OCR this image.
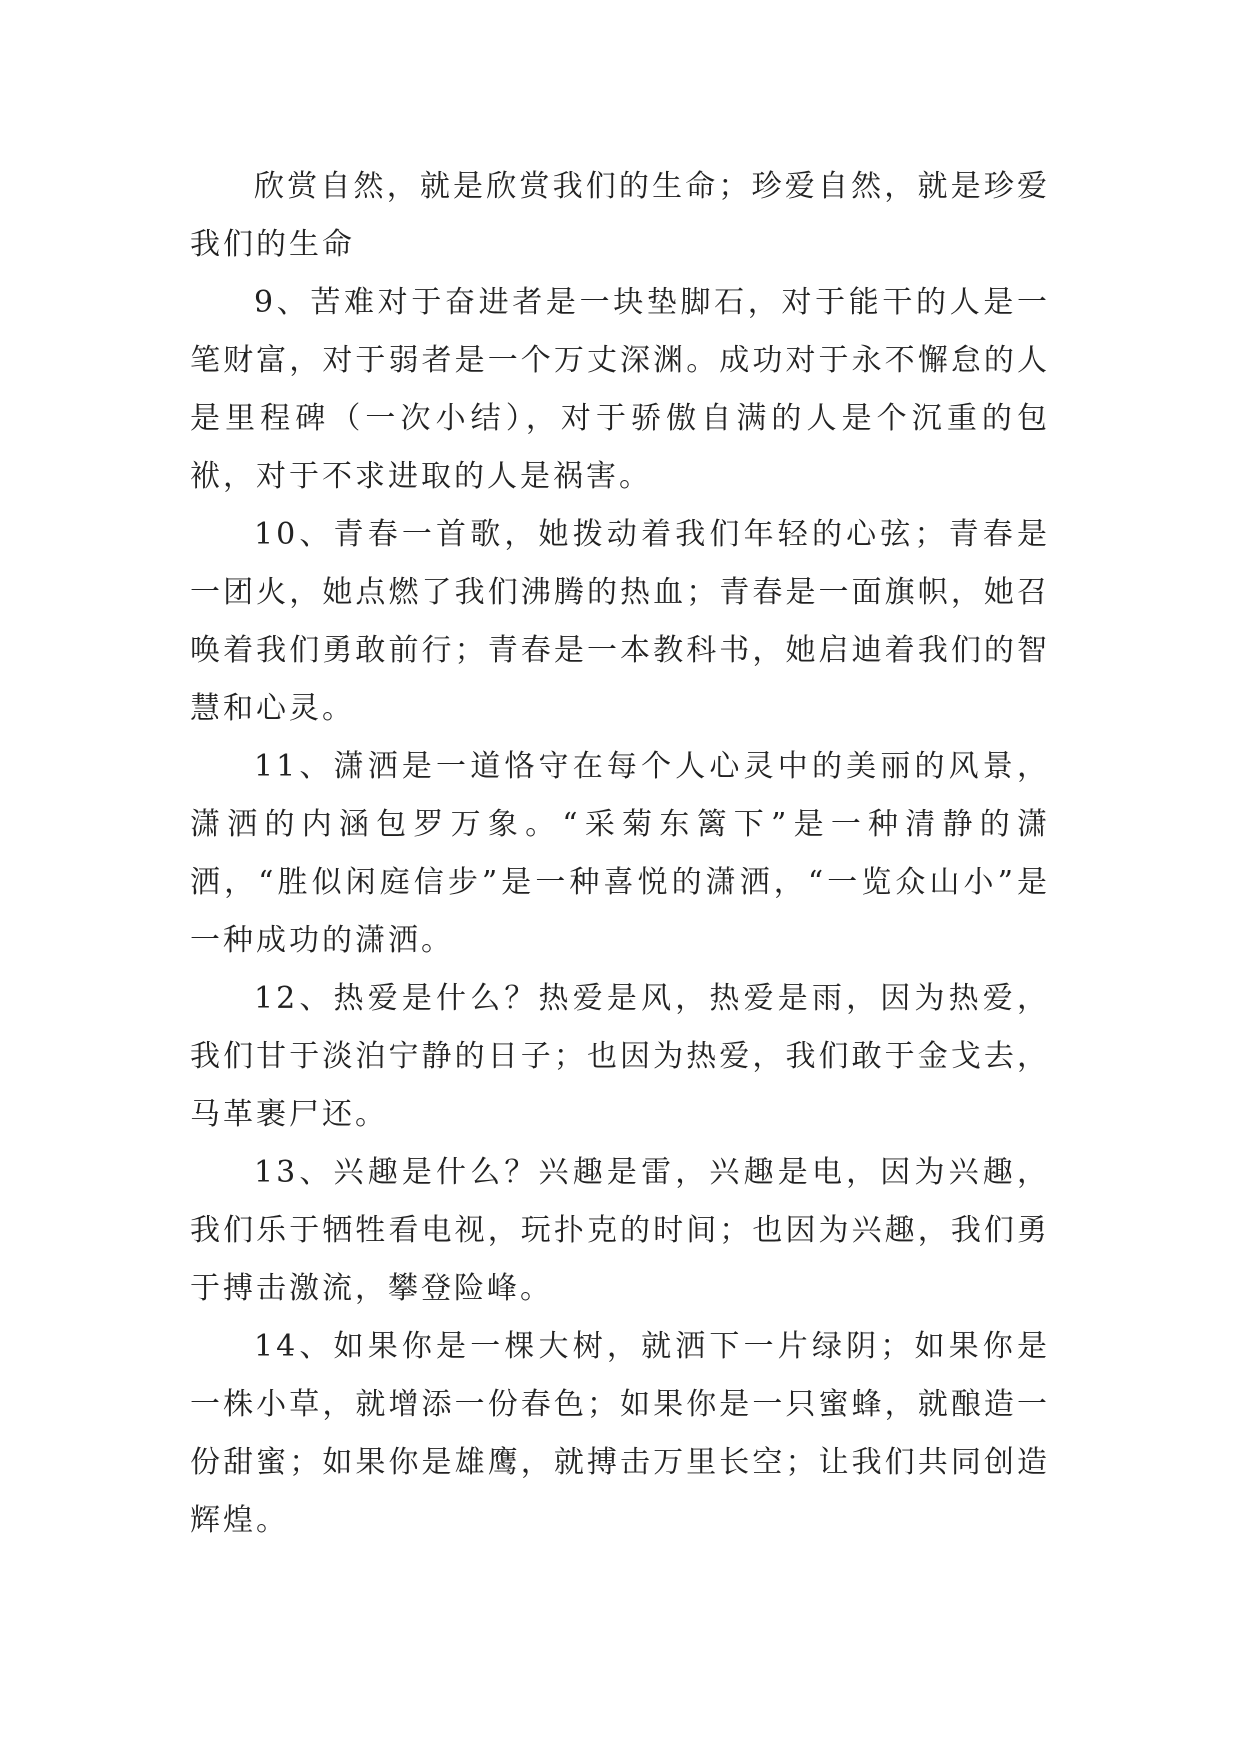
欣赏自然，就是欣赏我们的生命；珍爱自然，就是珍爱我们的生命

9、苦难对于奋进者是一块垫脚石，对于能干的人是一笔财富，对于弱者是一个万丈深渊。成功对于永不懈怠的人是里程碑（一次小结），对于骄傲自满的人是个沉重的包袱，对于不求进取的人是祸害。

10、青春一首歌，她拨动着我们年轻的心弦；青春是一团火，她点燃了我们沸腾的热血；青春是一面旗帜，她召唤着我们勇敢前行；青春是一本教科书，她启迪着我们的智慧和心灵。

11、潇洒是一道恪守在每个人心灵中的美丽的风景，潇洒的内涵包罗万象。“采菊东篱下”是一种清静的潇洒，“胜似闲庭信步”是一种喜悦的潇洒，“一览众山小”是一种成功的潇洒。

12、热爱是什么？热爱是风，热爱是雨，因为热爱，我们甘于淡泊宁静的日子；也因为热爱，我们敢于金戈去，马革裹尸还。

13、兴趣是什么？兴趣是雷，兴趣是电，因为兴趣，我们乐于牺牲看电视，玩扑克的时间；也因为兴趣，我们勇于搏击激流，攀登险峰。

14、如果你是一棵大树，就洒下一片绿阴；如果你是一株小草，就增添一份春色；如果你是一只蜜蜂，就酿造一份甜蜜；如果你是雄鹰，就搏击万里长空；让我们共同创造辉煌。
